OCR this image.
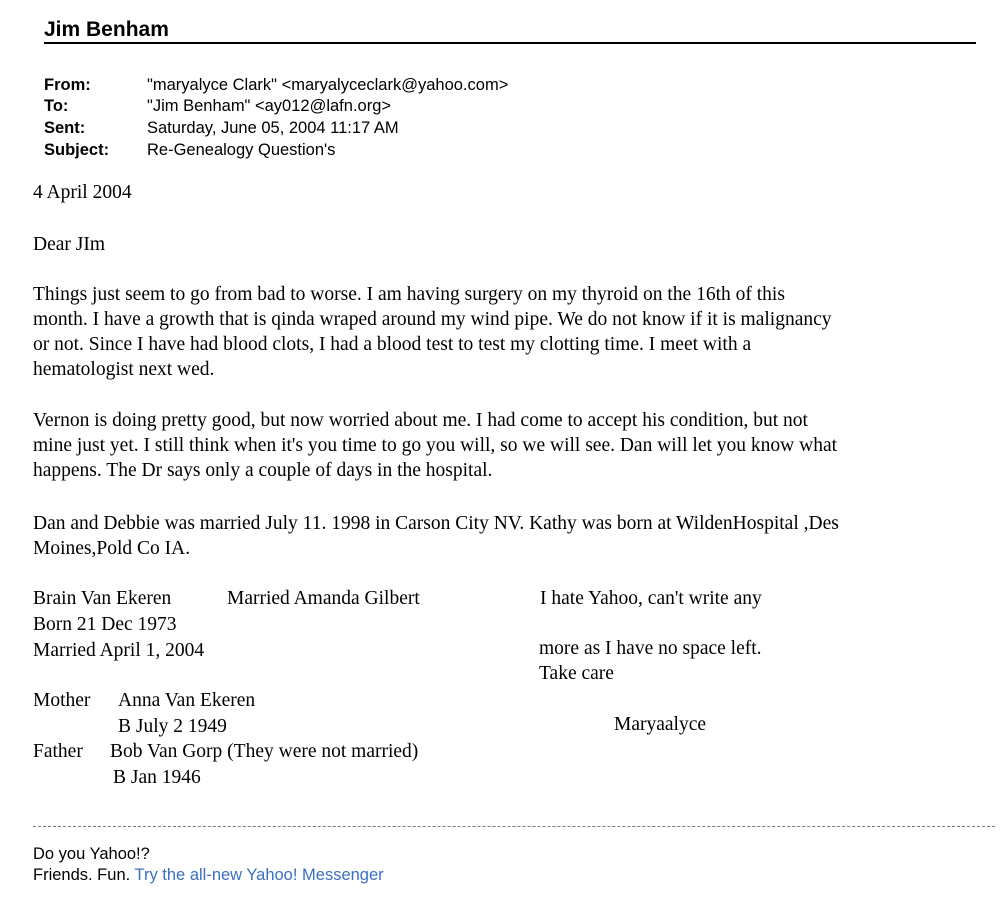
Jim Benham
From:	"maryalyce Clark" <maryalyceclark@yahoo.com>
To:	"Jim Benham" <ay012@lafn.org>
Sent:	Saturday, June 05, 2004 11:17 AM
Subject: Re-Genealogy Question's
4 April 2004
Dear JIm
Things just seem to go from bad to worse. I am having surgery on my thyroid on the 16th of this
month. I have a growth that is qinda wraped around my wind pipe. We do not know if it is malignancy
or not. Since I have had blood clots, I had a blood test to test my clotting time. I meet with a
hematologist next wed.
Vernon is doing pretty good, but now worried about me. I had come to accept his condition, but not
mine just yet. I still think when it's you time to go you will, so we will see. Dan will let you know what
happens. The Dr says only a couple of days in the hospital.
Dan and Debbie was married July 11. 1998 in Carson City NV. Kathy was born at WildenHospital ,Des
Moines,Pold Co IA.
Brain Van Ekeren	Married Amanda Gilbert
Born 21 Dec 1973
Married April 1, 2004
Mother Anna Van Ekeren
B July 2 1949
Father Bob Van Gorp (They were not married)
B Jan 1946
I hate Yahoo, can't write any
more as I have no space left.
Take care
Maryaalyce
Do you Yahoo!?
Friends. Fun. Try the all-new Yahoo! Messenger
